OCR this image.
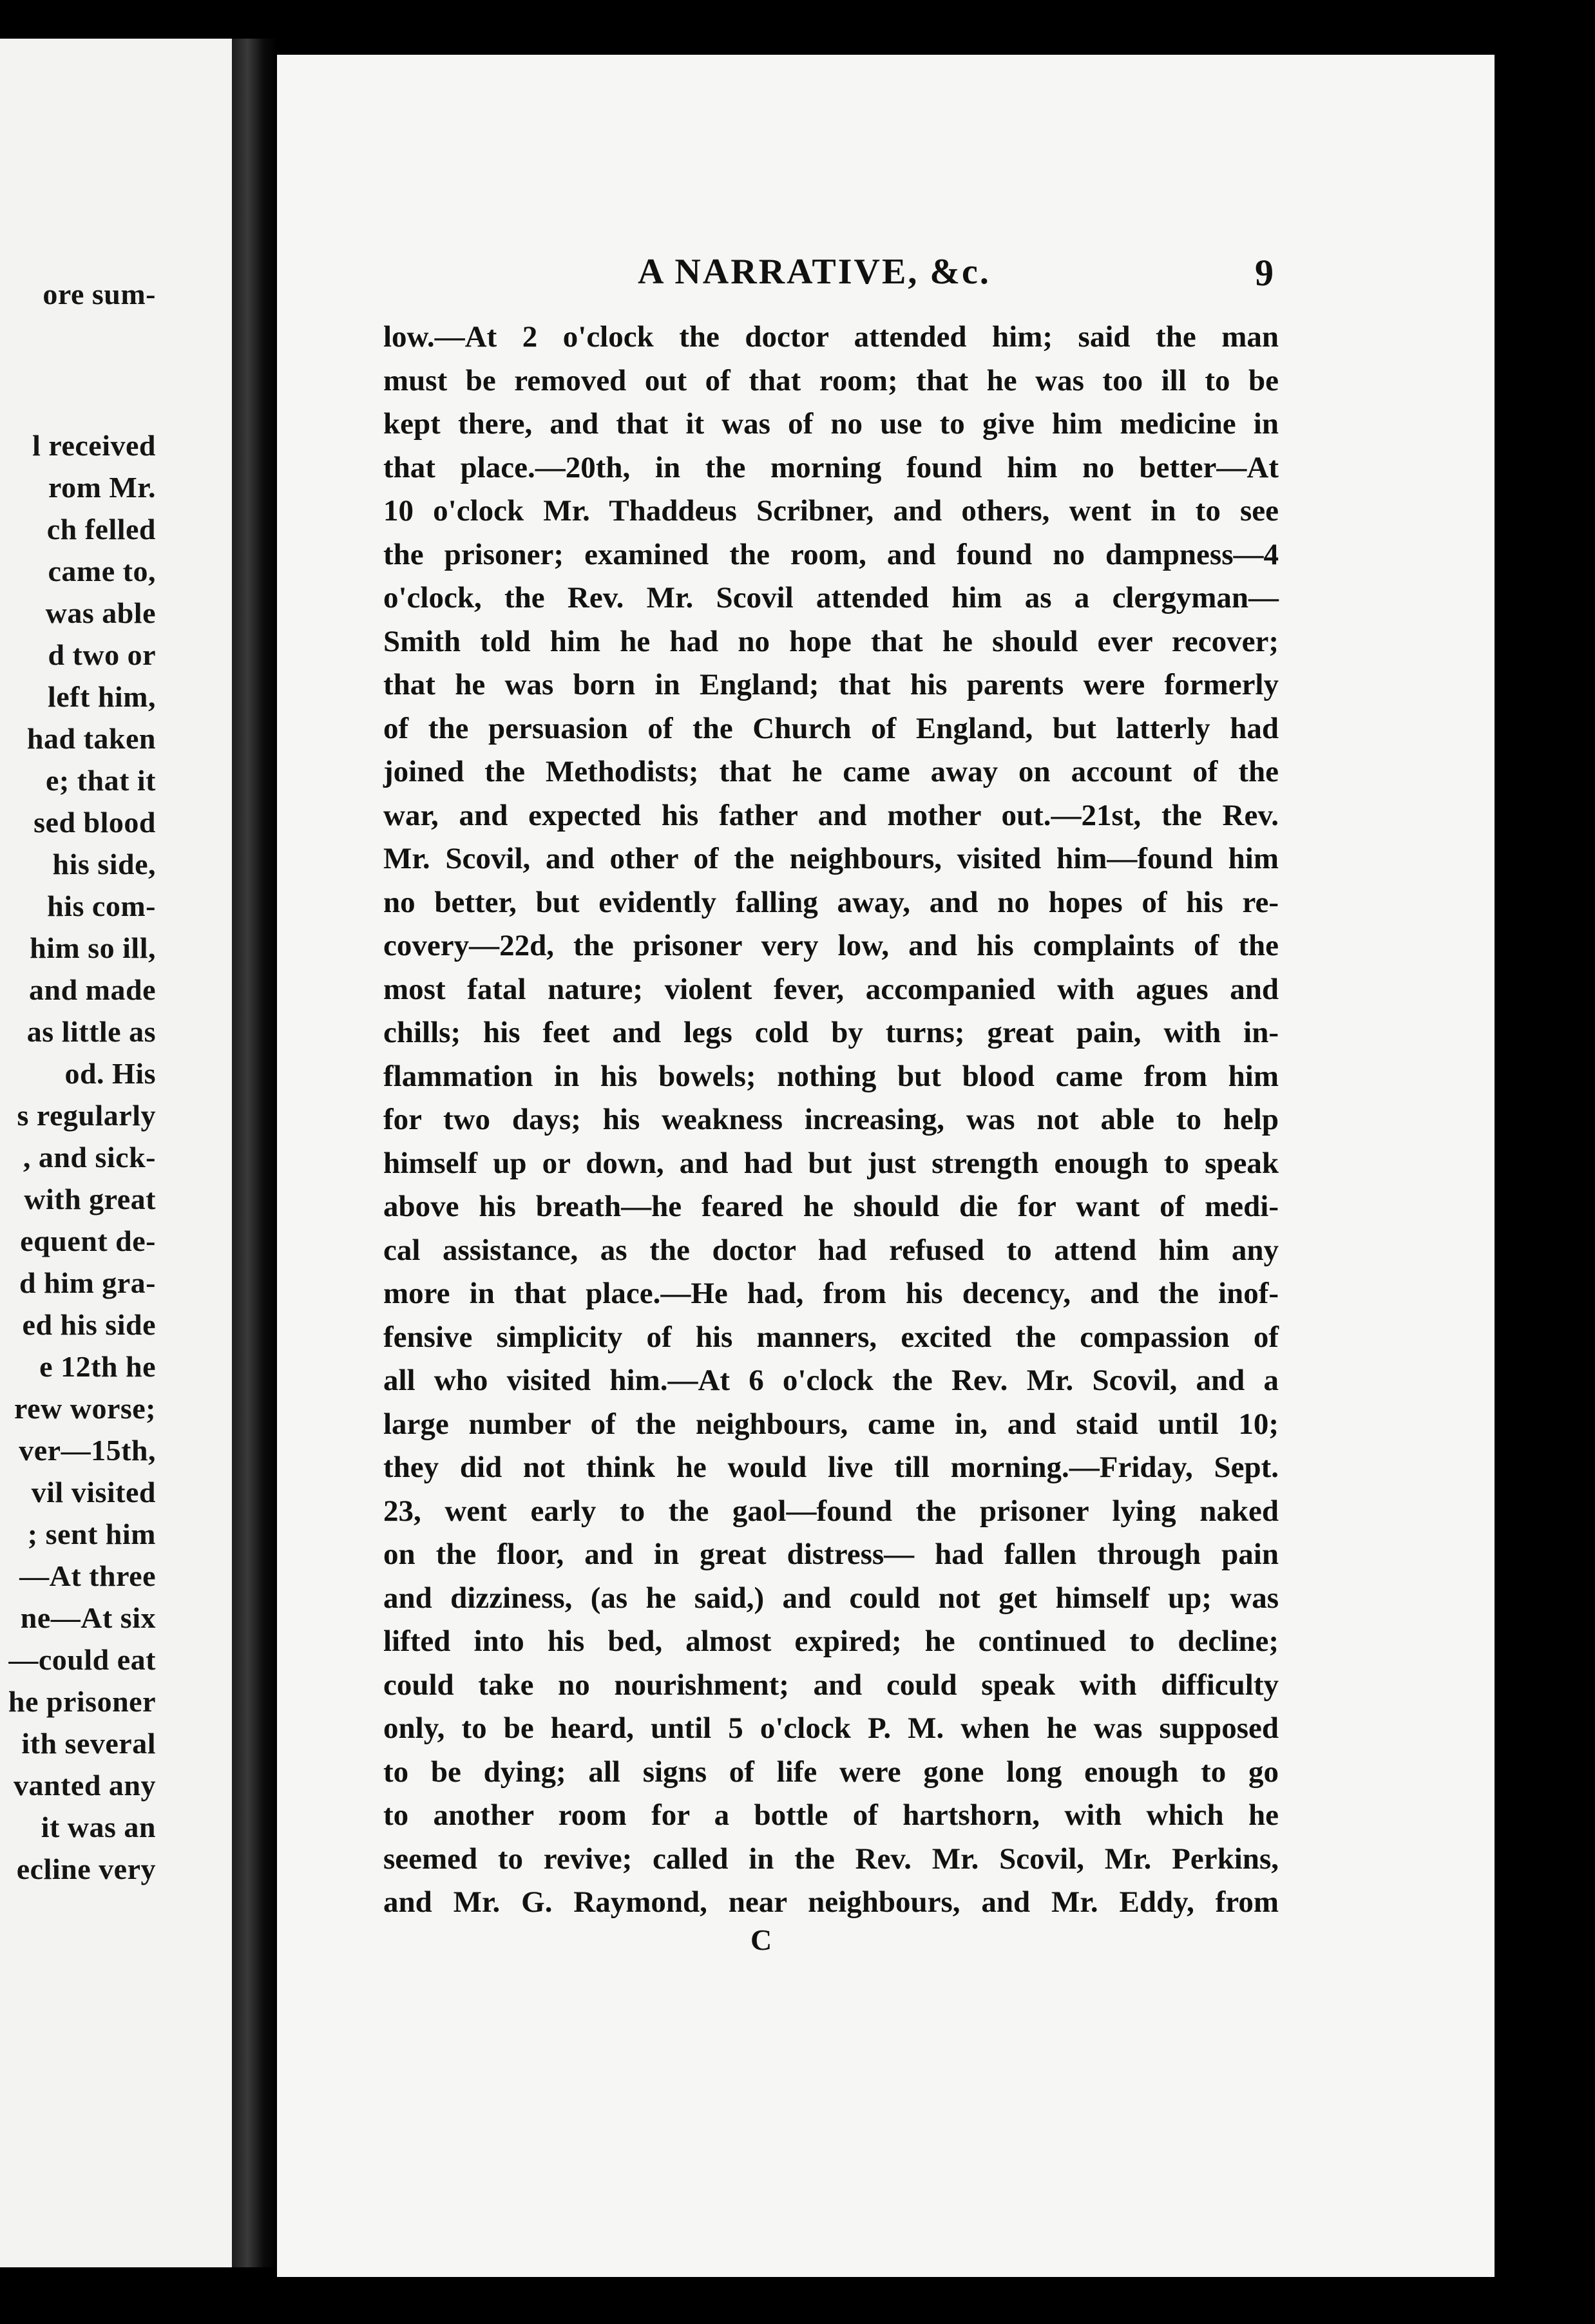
ore sum-
l received
rom Mr.
ch felled
came to,
was able
d two or
left him,
had taken
e; that it
sed blood
his side,
his com-
him so ill,
and made
as little as
od. His
s regularly
, and sick-
with great
equent de-
d him gra-
ed his side
e 12th he
rew worse;
ver—15th,
vil visited
; sent him
—At three
ne—At six
—could eat
he prisoner
ith several
vanted any
it was an
ecline very
A NARRATIVE, &c.	9
low.—At 2 o'clock the doctor attended him; said the man
must be removed out of that room; that he was too ill to be
kept there, and that it was of no use to give him medicine in
that place.—20th, in the morning found him no better—At
10 o'clock Mr. Thaddeus Scribner, and others, went in to see
the prisoner; examined the room, and found no dampness—4
o'clock, the Rev. Mr. Scovil attended him as a clergyman—
Smith told him he had no hope that he should ever recover;
that he was born in England; that his parents were formerly
of the persuasion of the Church of England, but latterly had
joined the Methodists; that he came away on account of the
war, and expected his father and mother out.—21st, the Rev.
Mr. Scovil, and other of the neighbours, visited him—found him
no better, but evidently falling away, and no hopes of his re-
covery—22d, the prisoner very low, and his complaints of the
most fatal nature; violent fever, accompanied with agues and
chills; his feet and legs cold by turns; great pain, with in-
flammation in his bowels; nothing but blood came from him
for two days; his weakness increasing, was not able to help
himself up or down, and had but just strength enough to speak
above his breath—he feared he should die for want of medi-
cal assistance, as the doctor had refused to attend him any
more in that place.—He had, from his decency, and the inof-
fensive simplicity of his manners, excited the compassion of
all who visited him.—At 6 o'clock the Rev. Mr. Scovil, and a
large number of the neighbours, came in, and staid until 10;
they did not think he would live till morning.—Friday, Sept.
23, went early to the gaol—found the prisoner lying naked
on the floor, and in great distress— had fallen through pain
and dizziness, (as he said,) and could not get himself up; was
lifted into his bed, almost expired; he continued to decline;
could take no nourishment; and could speak with difficulty
only, to be heard, until 5 o'clock P. M. when he was supposed
to be dying; all signs of life were gone long enough to go
to another room for a bottle of hartshorn, with which he
seemed to revive; called in the Rev. Mr. Scovil, Mr. Perkins,
and Mr. G. Raymond, near neighbours, and Mr. Eddy, from
C
